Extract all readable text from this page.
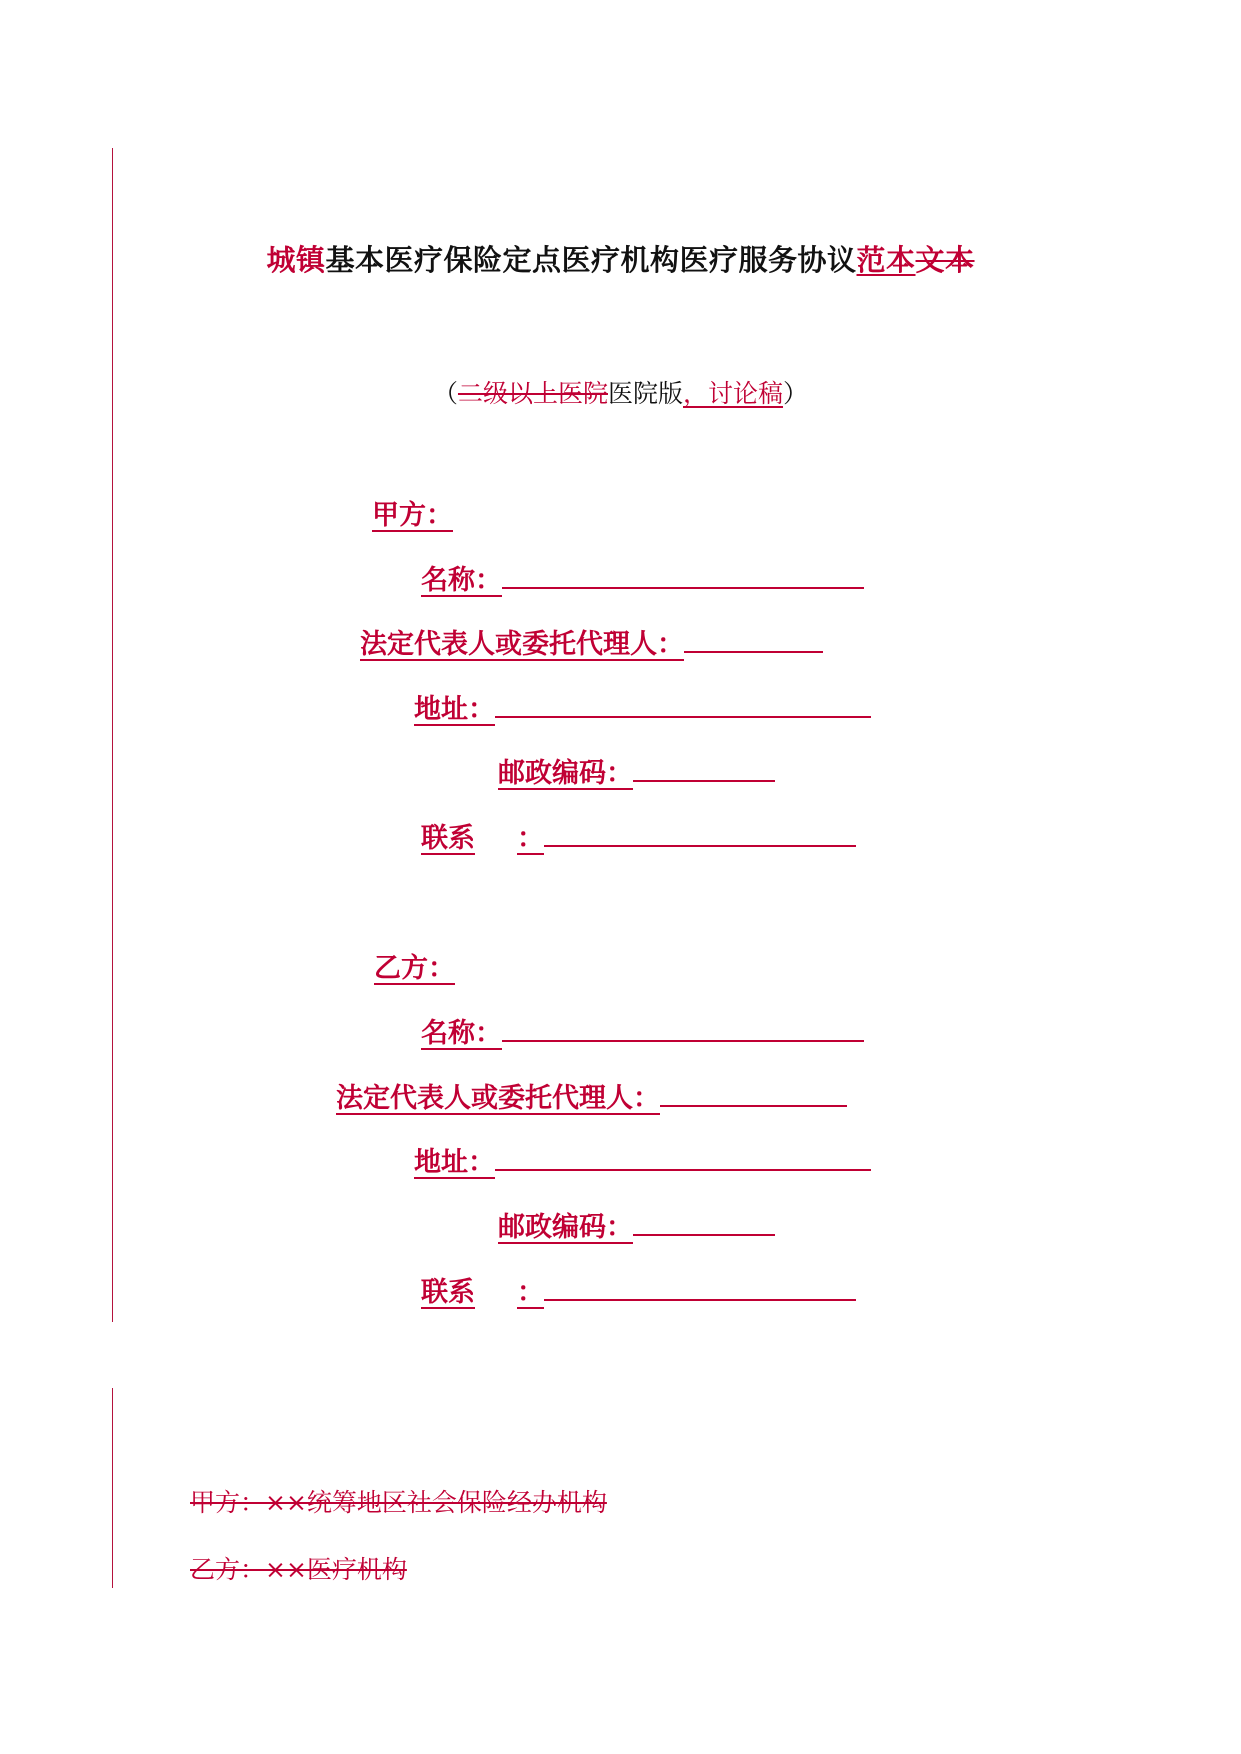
城镇基本医疗保险定点医疗机构医疗服务协议范本文本
（二级以上医院医院版，讨论稿）
甲方：
名称：
法定代表人或委托代理人：
地址：
邮政编码：
联系 ：
乙方：
名称：
法定代表人或委托代理人：
地址：
邮政编码：
联系 ：
甲方：××统筹地区社会保险经办机构
乙方：××医疗机构
